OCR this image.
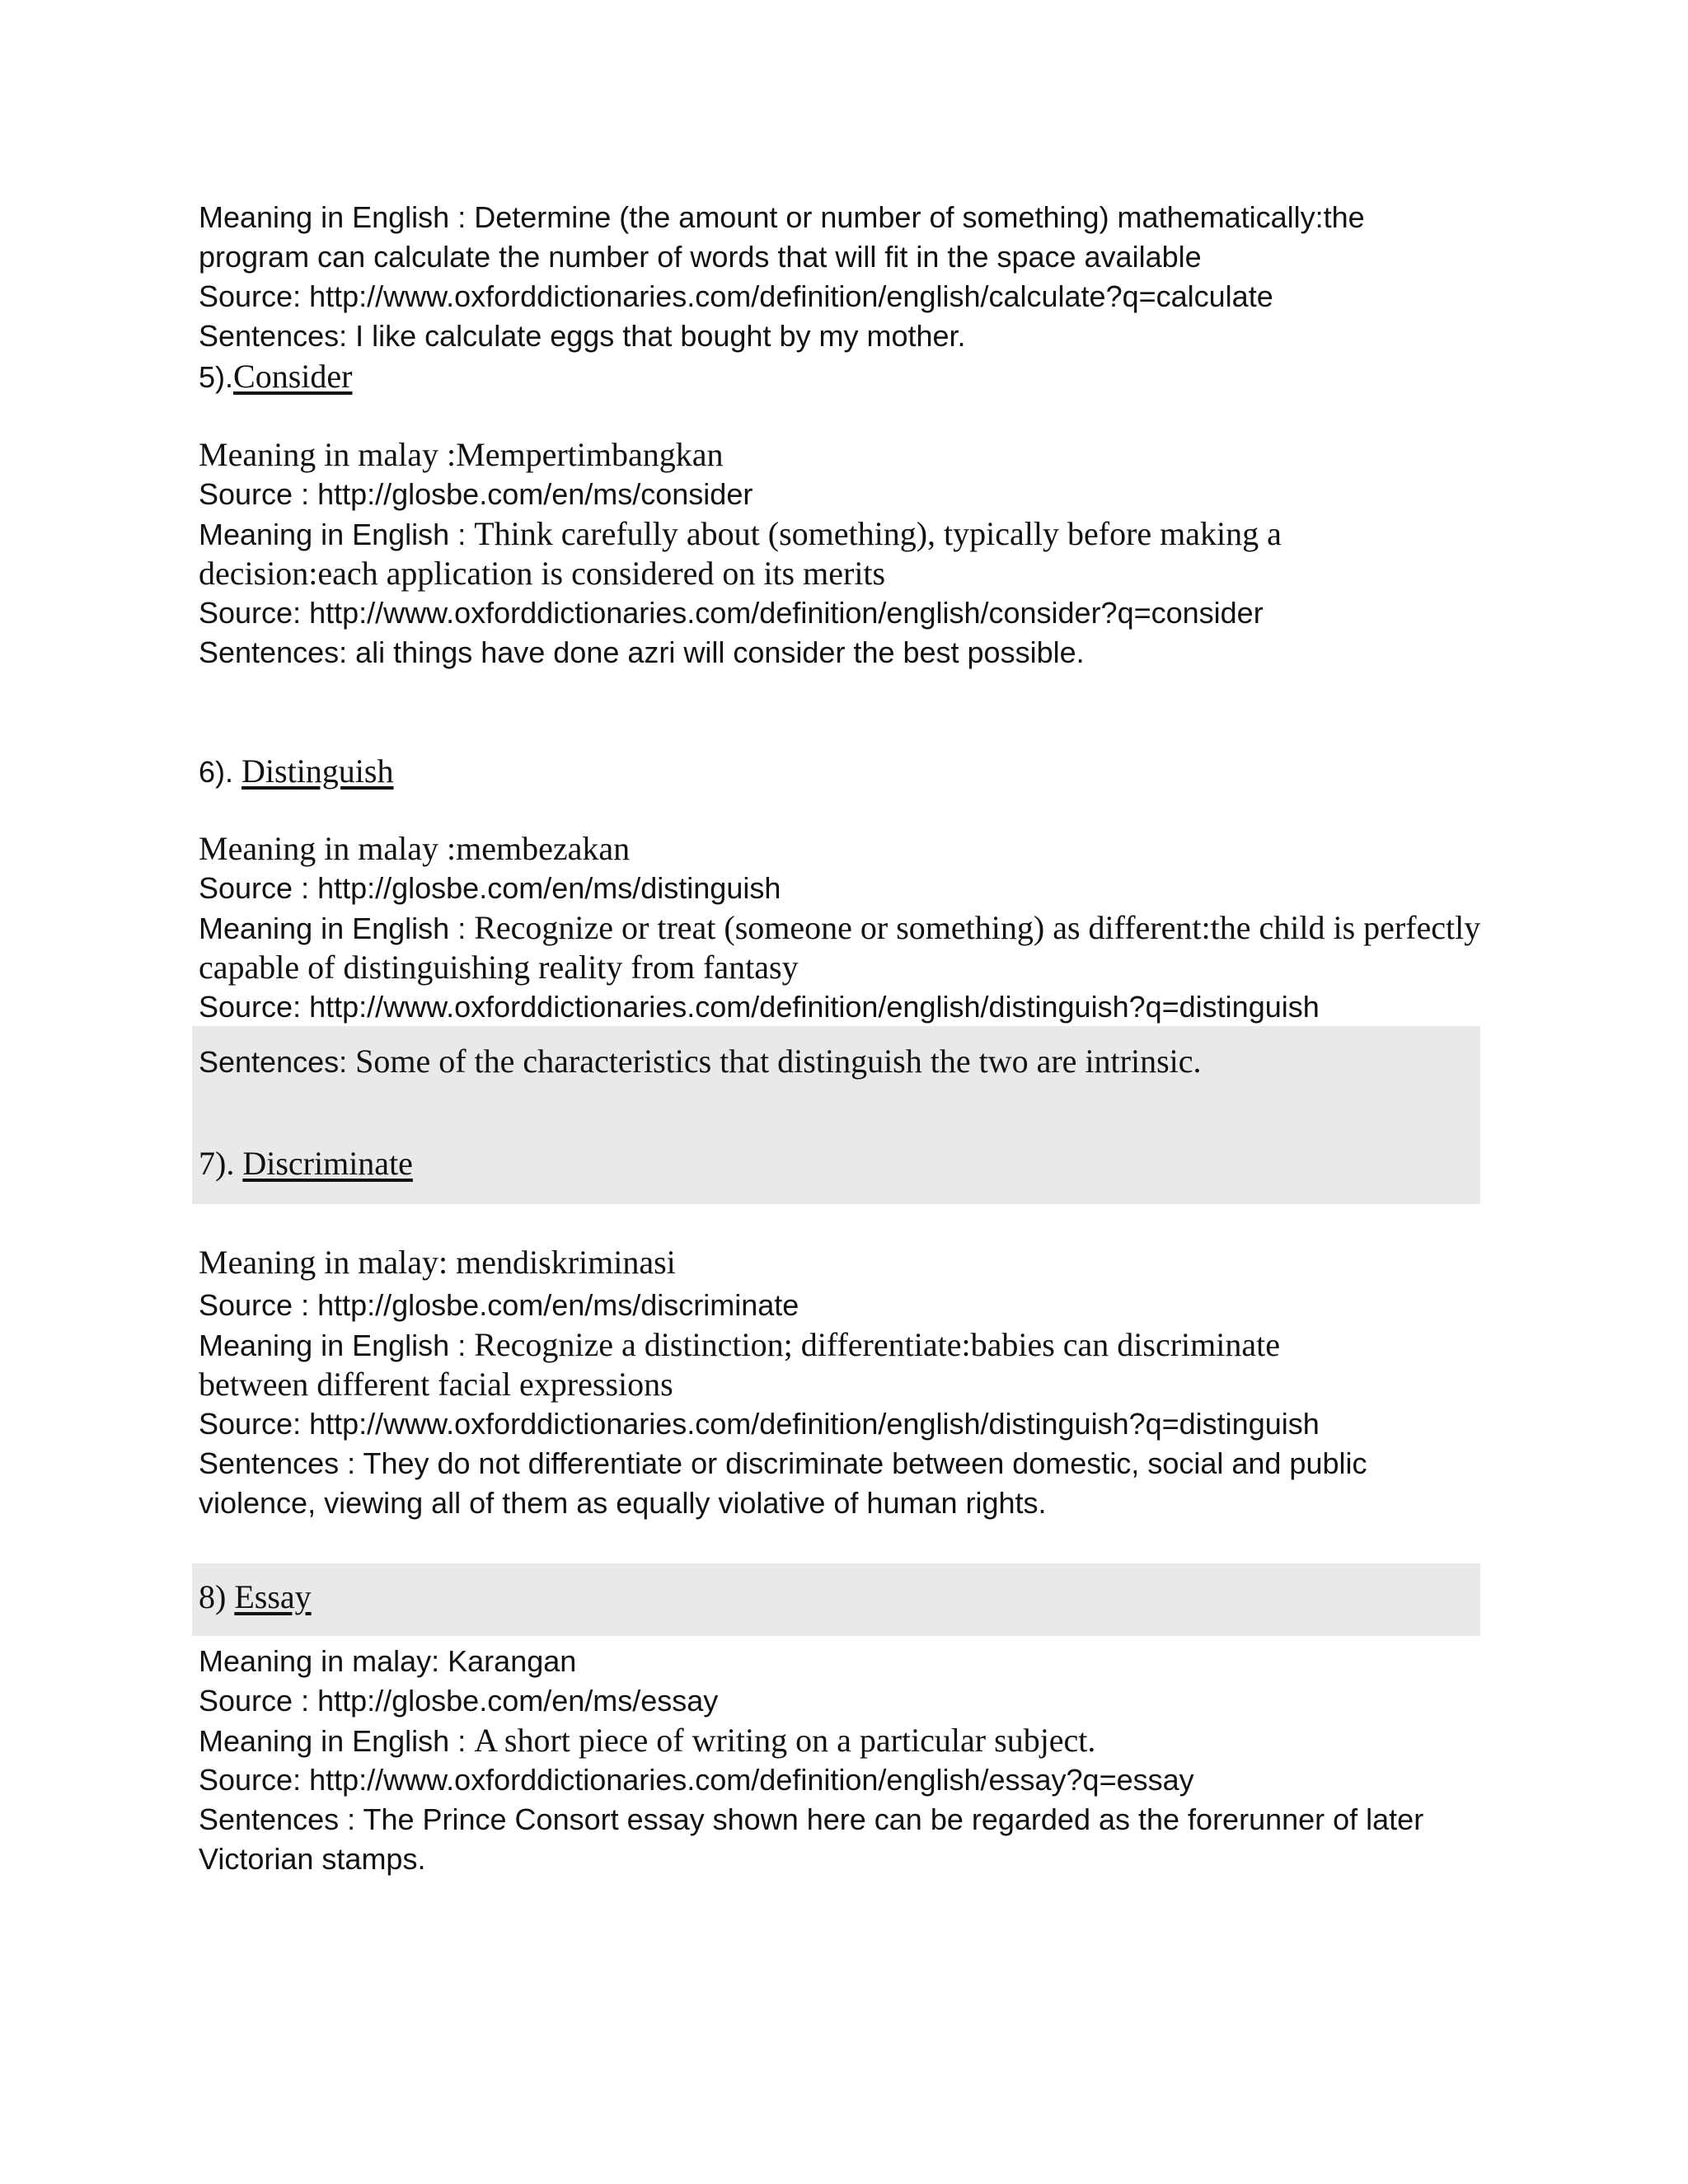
Meaning in English : Determine (the amount or number of something) mathematically:the
program can calculate the number of words that will fit in the space available
Source: http://www.oxforddictionaries.com/definition/english/calculate?q=calculate
Sentences: I like calculate eggs that bought by my mother.
5).Consider
Meaning in malay :Mempertimbangkan
Source : http://glosbe.com/en/ms/consider
Meaning in English : Think carefully about (something), typically before making a
decision:each application is considered on its merits
Source: http://www.oxforddictionaries.com/definition/english/consider?q=consider
Sentences: ali things have done azri will consider the best possible.
6). Distinguish
Meaning in malay :membezakan
Source : http://glosbe.com/en/ms/distinguish
Meaning in English : Recognize or treat (someone or something) as different:the child is perfectly
capable of distinguishing reality from fantasy
Source: http://www.oxforddictionaries.com/definition/english/distinguish?q=distinguish
Sentences: Some of the characteristics that distinguish the two are intrinsic.
7). Discriminate
Meaning in malay: mendiskriminasi
Source : http://glosbe.com/en/ms/discriminate
Meaning in English : Recognize a distinction; differentiate:babies can discriminate
between different facial expressions
Source: http://www.oxforddictionaries.com/definition/english/distinguish?q=distinguish
Sentences : They do not differentiate or discriminate between domestic, social and public
violence, viewing all of them as equally violative of human rights.
8) Essay
Meaning in malay: Karangan
Source : http://glosbe.com/en/ms/essay
Meaning in English : A short piece of writing on a particular subject.
Source: http://www.oxforddictionaries.com/definition/english/essay?q=essay
Sentences : The Prince Consort essay shown here can be regarded as the forerunner of later
Victorian stamps.
